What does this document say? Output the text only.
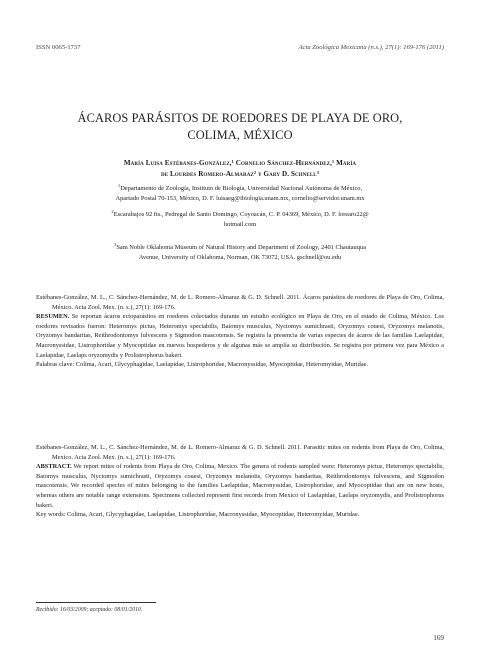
ISSN 0065-1737	Acta Zoológica Mexicana (n.s.), 27(1): 169-176 (2011)
ÁCAROS PARÁSITOS DE ROEDORES DE PLAYA DE ORO,
COLIMA, MÉXICO
María Luisa Estébanes-González,¹ Cornelio Sánchez-Hernández,¹ María
de Lourdes Romero-Almaraz² y Gary D. Schnell³

$^1$Departamento de Zoología, Instituto de Biología, Universidad Nacional Autónoma de México,

Apartado Postal 70-153, México, D. F. luisaeg@ibiologia.unam.mx, cornelio@servidor.unam.mx

$^2$Escarabajos 92 fts., Pedregal de Santo Domingo, Coyoacán, C. P. 04369, México, D. F. lorearo22@

hotmail.com

$^3$Sam Noble Oklahoma Museum of Natural History and Department of Zoology, 2401 Chautauqua

Avenue, University of Oklahoma, Norman, OK 73072, USA. gschnell@ou.edu

Estébanes-González, M. L., C. Sánchez-Hernández, M. de L. Romero-Almaraz & G. D. Schnell. 2011. Ácaros parásitos de roedores de Playa de Oro, Colima, México. Acta Zool. Mex. (n. s.), 27(1): 169-176.

RESUMEN. Se reportan ácaros ectoparásitos en roedores colectados durante un estudio ecológico en Playa de Oro, en el estado de Colima, México. Los roedores revisados fueron: Heteromys pictus, Heteromys spectabilis, Baiomys musculus, Nyctomys sumichrasti, Oryzomys couesi, Oryzomys melanotis, Oryzomys bandaritas, Reithrodontomys fulvescens y Sigmodon mascotensis. Se registra la presencia de varias especies de ácaros de las familias Laelapidae, Macronyssidae, Listrophoridae y Myocoptidae en nuevos hospederos y de algunas más se amplía su distribución. Se registra por primera vez para México a Laelapidae, Laelaps oryzomydis y Prolistrophorus bakeri.

Palabras clave: Colima, Acari, Glycyphagidae, Laelapidae, Listrophoridae, Macronyssidae, Myocoptidae, Heteromyidae, Muridae.

Estébanes-González, M. L., C. Sánchez-Hernández, M. de L. Romero-Almaraz & G. D. Schnell. 2011. Parasitic mites on rodents from Playa de Oro, Colima, Mexico. Acta Zool. Mex. (n. s.), 27(1): 169-176.

ABSTRACT. We report mites of rodents from Playa de Oro, Colima, Mexico. The genera of rodents sampled were: Heteromys pictus, Heteromys spectabilis, Baiomys musculus, Nyctomys sumichrasti, Oryzomys couesi, Oryzomys melanotis, Oryzomys bandaritas, Reithrodontomys fulvescens, and Sigmodon mascotensis. We recorded species of mites belonging to the families Laelapidae, Macronyssidae, Listrophoridae, and Myocoptidae that are on new hosts, whereas others are notable range extensions. Specimens collected represent first records from Mexico of Laelapidae, Laelaps oryzomydis, and Prolistrophorus bakeri.

Key words: Colima, Acari, Glycyphagidae, Laelapidae, Listrophoridae, Macronyssidae, Myocoptidae, Heteromyidae, Muridae.

Recibido: 16/03/2009; aceptado: 08/01/2010.
169
